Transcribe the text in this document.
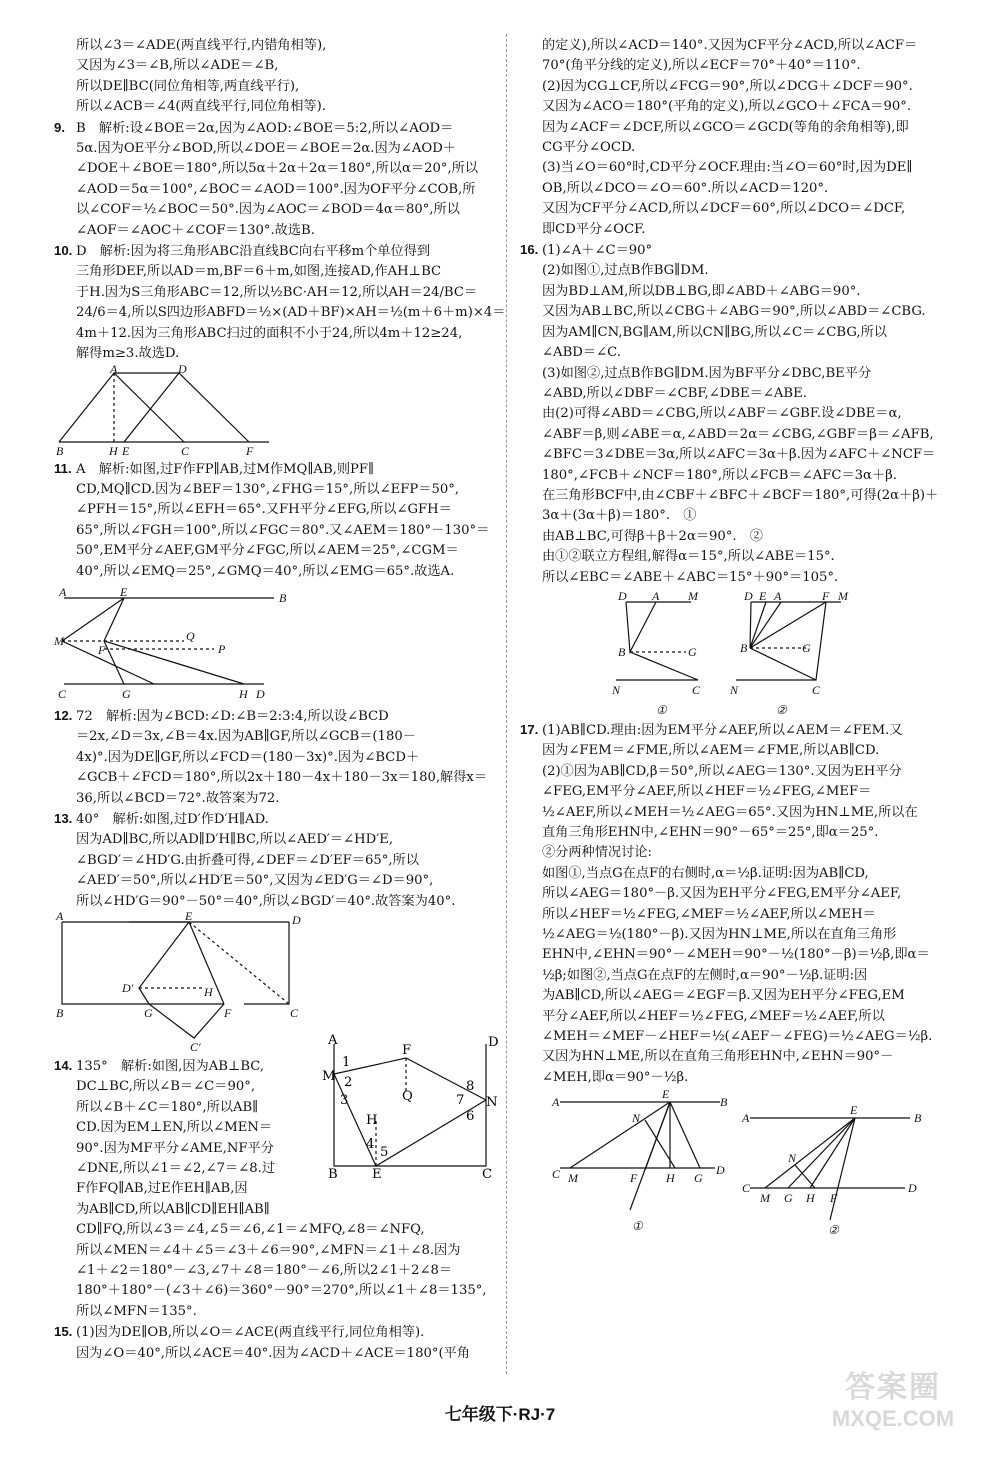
所以∠3＝∠ADE(两直线平行,内错角相等),
又因为∠3＝∠B,所以∠ADE＝∠B,
所以DE∥BC(同位角相等,两直线平行),
所以∠ACB＝∠4(两直线平行,同位角相等).
9. B　解析:设∠BOE＝2α,因为∠AOD:∠BOE＝5:2,所以∠AOD＝
5α.因为OE平分∠BOD,所以∠DOE＝∠BOE＝2α.因为∠AOD＋
∠DOE＋∠BOE＝180°,所以5α＋2α＋2α＝180°,所以α＝20°,所以
∠AOD＝5α＝100°,∠BOC＝∠AOD＝100°.因为OF平分∠COB,所
以∠COF＝½∠BOC＝50°.因为∠AOC＝∠BOD＝4α＝80°,所以
∠AOF＝∠AOC＋∠COF＝130°.故选B.
10. D　解析:因为将三角形ABC沿直线BC向右平移m个单位得到
三角形DEF,所以AD＝m,BF＝6＋m,如图,连接AD,作AH⊥BC
于H.因为S三角形ABC＝12,所以½BC·AH＝12,所以AH＝24/BC＝
24/6＝4,所以S四边形ABFD＝½×(AD＋BF)×AH＝½(m＋6＋m)×4＝
4m＋12.因为三角形ABC扫过的面积不小于24,所以4m＋12≥24,
解得m≥3.故选D.
A	D
B	H E	C	F
11. A　解析:如图,过F作FP∥AB,过M作MQ∥AB,则PF∥
CD,MQ∥CD.因为∠BEF＝130°,∠FHG＝15°,所以∠EFP＝50°,
∠PFH＝15°,所以∠EFH＝65°.又FH平分∠EFG,所以∠GFH＝
65°,所以∠FGH＝100°,所以∠FGC＝80°.又∠AEM＝180°－130°＝
50°,EM平分∠AEF,GM平分∠FGC,所以∠AEM＝25°,∠CGM＝
40°,所以∠EMQ＝25°,∠GMQ＝40°,所以∠EMG＝65°.故选A.
A	E	B
M	Q
F	P
C	G	H D
12. 72　解析:因为∠BCD:∠D:∠B＝2:3:4,所以设∠BCD
＝2x,∠D＝3x,∠B＝4x.因为AB∥GF,所以∠GCB＝(180－
4x)°.因为DE∥GF,所以∠FCD＝(180－3x)°.因为∠BCD＋
∠GCB＋∠FCD＝180°,所以2x＋180－4x＋180－3x＝180,解得x＝
36,所以∠BCD＝72°.故答案为72.
13. 40°　解析:如图,过D′作D′H∥AD.
因为AD∥BC,所以AD∥D′H∥BC,所以∠AED′＝∠HD′E,
∠BGD′＝∠HD′G.由折叠可得,∠DEF＝∠D′EF＝65°,所以
∠AED′＝50°,所以∠HD′E＝50°,又因为∠ED′G＝∠D＝90°,
所以∠HD′G＝90°－50°＝40°,所以∠BGD′＝40°.故答案为40°.
A	E	D
D′	H
B	G	F	C
C′	A	D
M
1
2
3
F
Q
8
7 N
6
H
4
5
B	E	C
14. 135°　解析:如图,因为AB⊥BC,
DC⊥BC,所以∠B＝∠C＝90°,
所以∠B＋∠C＝180°,所以AB∥
CD.因为EM⊥EN,所以∠MEN＝
90°.因为MF平分∠AME,NF平分
∠DNE,所以∠1＝∠2,∠7＝∠8.过
F作FQ∥AB,过E作EH∥AB,因
为AB∥CD,所以AB∥CD∥EH∥AB∥
CD∥FQ,所以∠3＝∠4,∠5＝∠6,∠1＝∠MFQ,∠8＝∠NFQ,
所以∠MEN＝∠4＋∠5＝∠3＋∠6＝90°,∠MFN＝∠1＋∠8.因为
∠1＋∠2＝180°－∠3,∠7＋∠8＝180°－∠6,所以2∠1＋2∠8＝
180°＋180°－(∠3＋∠6)＝360°－90°＝270°,所以∠1＋∠8＝135°,
所以∠MFN＝135°.
15. (1)因为DE∥OB,所以∠O＝∠ACE(两直线平行,同位角相等).
因为∠O＝40°,所以∠ACE＝40°.因为∠ACD＋∠ACE＝180°(平角
的定义),所以∠ACD＝140°.又因为CF平分∠ACD,所以∠ACF＝
70°(角平分线的定义),所以∠ECF＝70°＋40°＝110°.
(2)因为CG⊥CF,所以∠FCG＝90°,所以∠DCG＋∠DCF＝90°.
又因为∠ACO＝180°(平角的定义),所以∠GCO＋∠FCA＝90°.
因为∠ACF＝∠DCF,所以∠GCO＝∠GCD(等角的余角相等),即
CG平分∠OCD.
(3)当∠O＝60°时,CD平分∠OCF.理由:当∠O＝60°时,因为DE∥
OB,所以∠DCO＝∠O＝60°.所以∠ACD＝120°.
又因为CF平分∠ACD,所以∠DCF＝60°,所以∠DCO＝∠DCF,
即CD平分∠OCF.
16. (1)∠A＋∠C＝90°
(2)如图①,过点B作BG∥DM.
因为BD⊥AM,所以DB⊥BG,即∠ABD＋∠ABG＝90°.
又因为AB⊥BC,所以∠CBG＋∠ABG＝90°,所以∠ABD＝∠CBG.
因为AM∥CN,BG∥AM,所以CN∥BG,所以∠C＝∠CBG,所以
∠ABD＝∠C.
(3)如图②,过点B作BG∥DM.因为BF平分∠DBC,BE平分
∠ABD,所以∠DBF＝∠CBF,∠DBE＝∠ABE.
由(2)可得∠ABD＝∠CBG,所以∠ABF＝∠GBF.设∠DBE＝α,
∠ABF＝β,则∠ABE＝α,∠ABD＝2α＝∠CBG,∠GBF＝β＝∠AFB,
∠BFC＝3∠DBE＝3α,所以∠AFC＝3α＋β.因为∠AFC＋∠NCF＝
180°,∠FCB＋∠NCF＝180°,所以∠FCB＝∠AFC＝3α＋β.
在三角形BCF中,由∠CBF＋∠BFC＋∠BCF＝180°,可得(2α＋β)＋
3α＋(3α＋β)＝180°.　①
由AB⊥BC,可得β＋β＋2α＝90°.　②
由①②联立方程组,解得α＝15°,所以∠ABE＝15°.
所以∠EBC＝∠ABE＋∠ABC＝15°＋90°＝105°.
D A M
B	G
N	C
①
D E A	F M
B	G
N	C
②
17. (1)AB∥CD.理由:因为EM平分∠AEF,所以∠AEM＝∠FEM.又
因为∠FEM＝∠FME,所以∠AEM＝∠FME,所以AB∥CD.
(2)①因为AB∥CD,β＝50°,所以∠AEG＝130°.又因为EH平分
∠FEG,EM平分∠AEF,所以∠HEF＝½∠FEG,∠MEF＝
½∠AEF,所以∠MEH＝½∠AEG＝65°.又因为HN⊥ME,所以在
直角三角形EHN中,∠EHN＝90°－65°＝25°,即α＝25°.
②分两种情况讨论:
如图①,当点G在点F的右侧时,α＝½β.证明:因为AB∥CD,
所以∠AEG＝180°－β.又因为EH平分∠FEG,EM平分∠AEF,
所以∠HEF＝½∠FEG,∠MEF＝½∠AEF,所以∠MEH＝
½∠AEG＝½(180°－β).又因为HN⊥ME,所以在直角三角形
EHN中,∠EHN＝90°－∠MEH＝90°－½(180°－β)＝½β,即α＝
½β;如图②,当点G在点F的左侧时,α＝90°－½β.证明:因
为AB∥CD,所以∠AEG＝∠EGF＝β.又因为EH平分∠FEG,EM
平分∠AEF,所以∠HEF＝½∠FEG,∠MEF＝½∠AEF,所以
∠MEH＝∠MEF－∠HEF＝½(∠AEF－∠FEG)＝½∠AEG＝½β.
又因为HN⊥ME,所以在直角三角形EHN中,∠EHN＝90°－
∠MEH,即α＝90°－½β.
A
E
B
N
C M	F H G
D
①
A
E
B
N
C
M G H F
D
②
七年级下·RJ·7
答案圈
MXQE.COM
